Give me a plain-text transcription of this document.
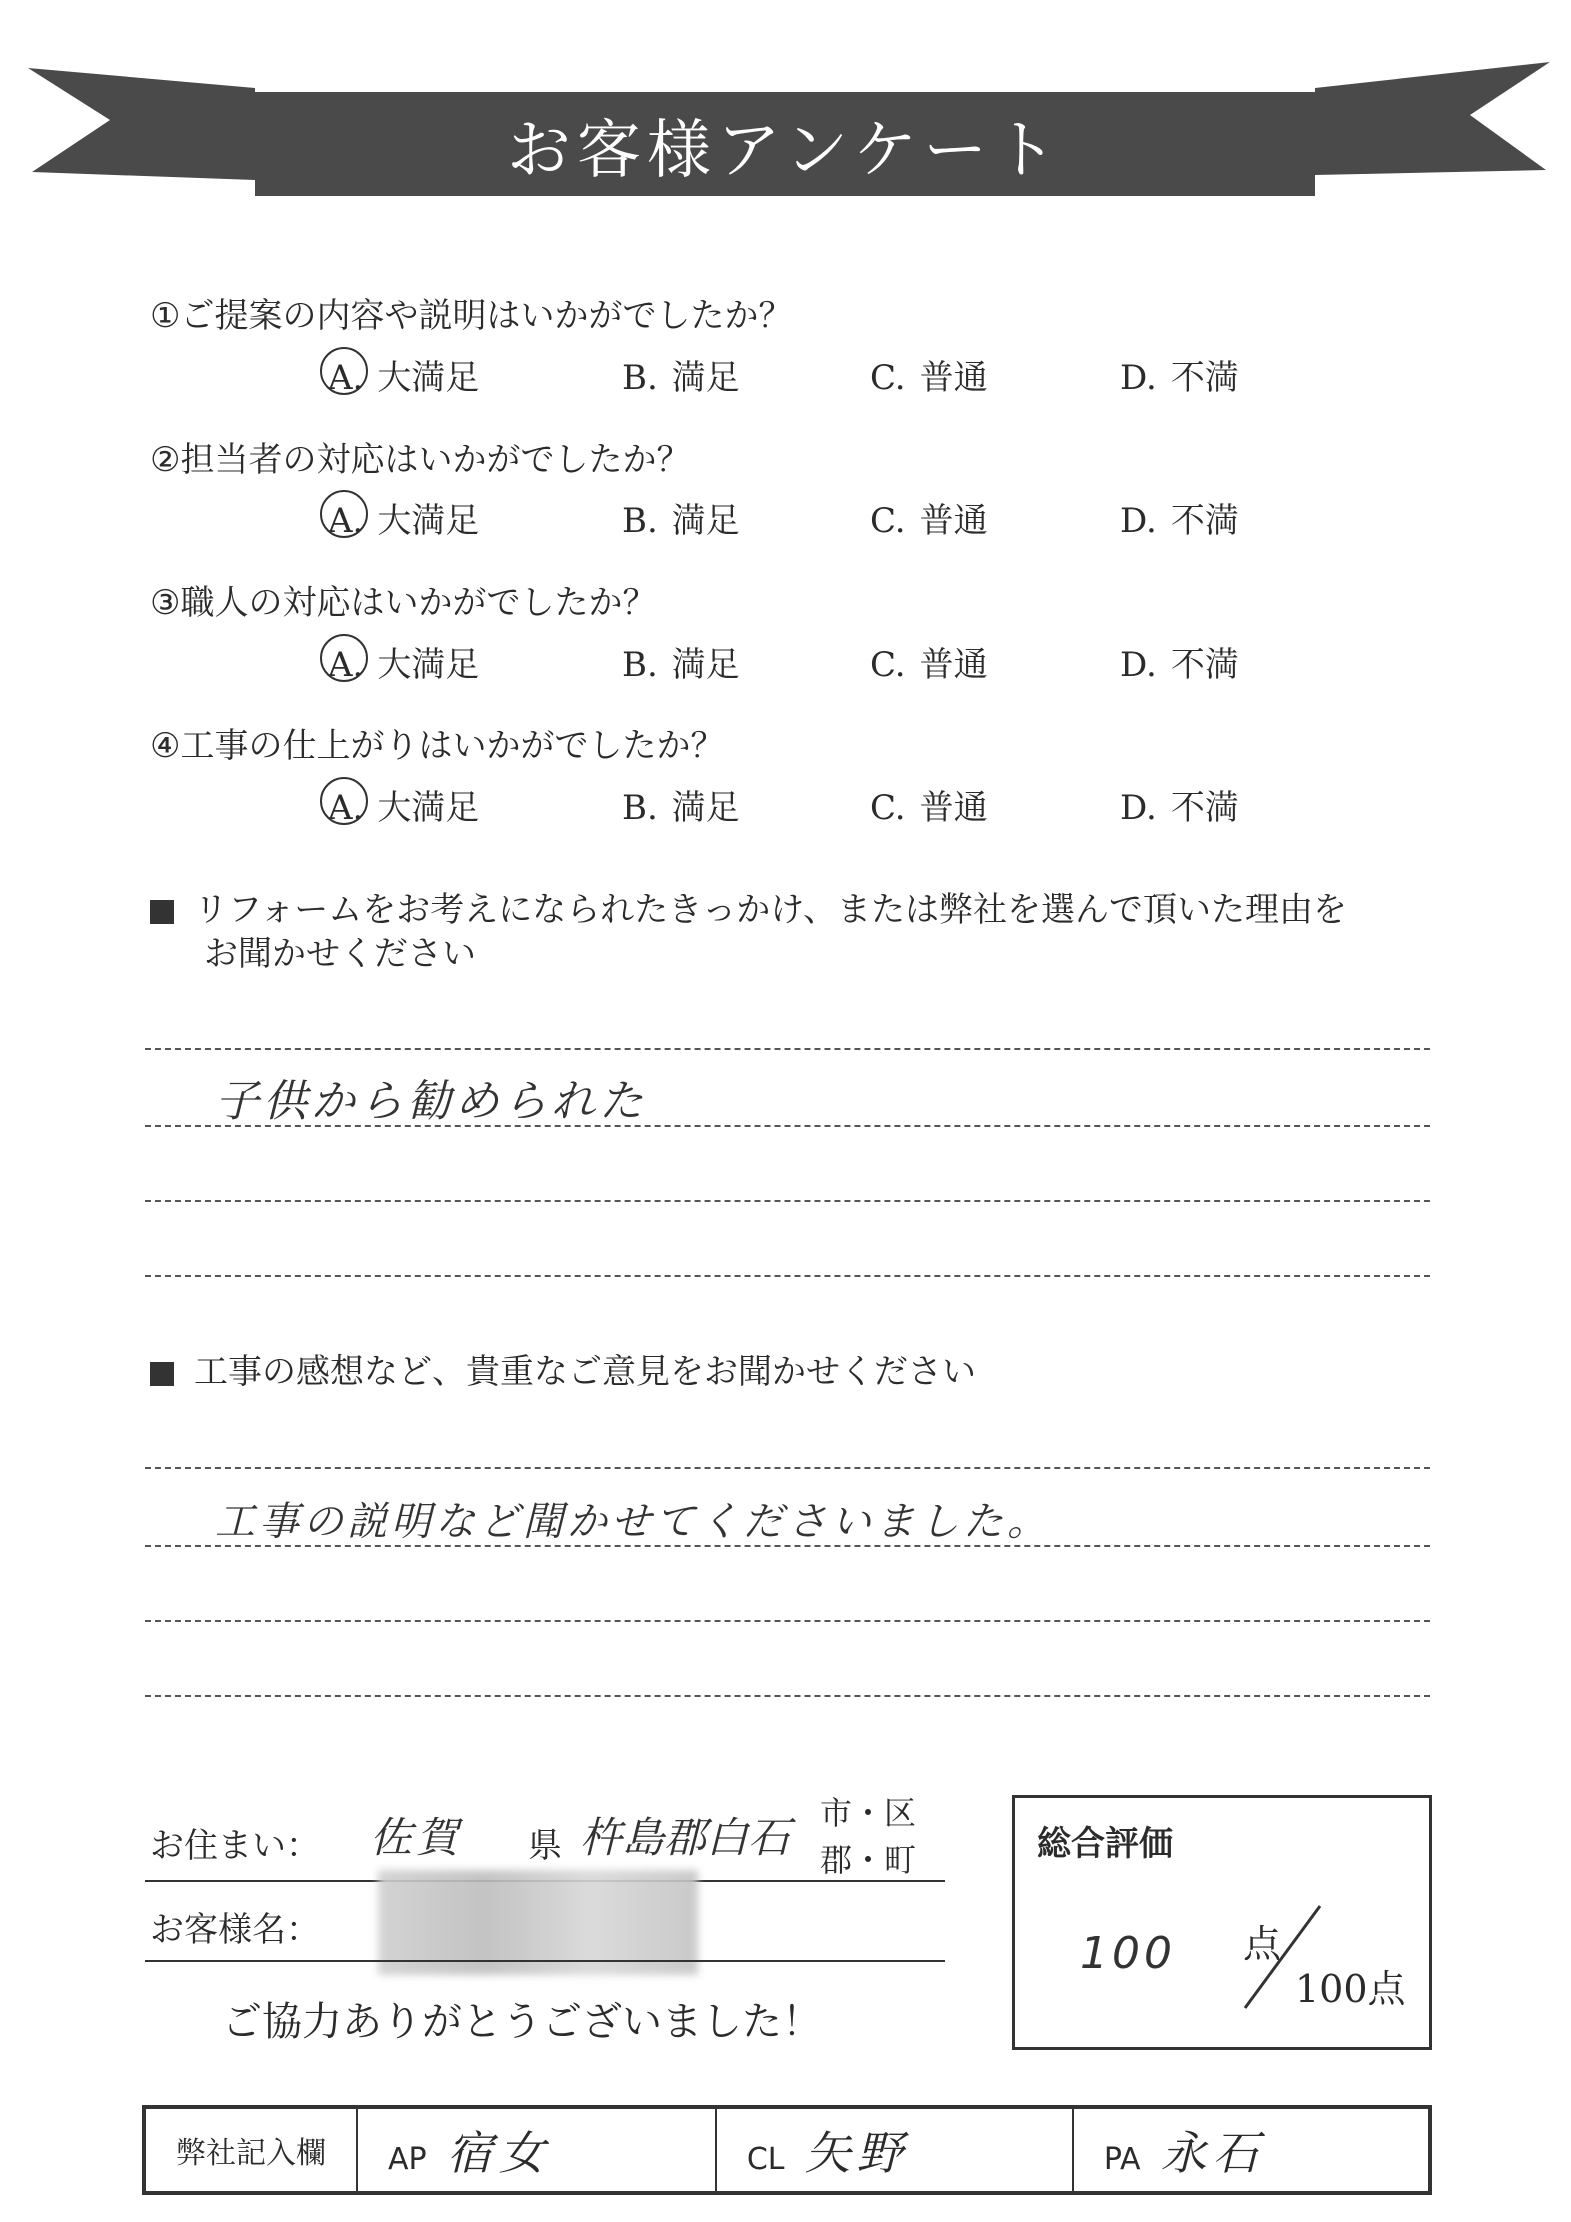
お客様アンケート
①ご提案の内容や説明はいかがでしたか？
A. 大満足	B. 満足	C. 普通	D. 不満
②担当者の対応はいかがでしたか？
A. 大満足	B. 満足	C. 普通	D. 不満
③職人の対応はいかがでしたか？
A. 大満足	B. 満足	C. 普通	D. 不満
④工事の仕上がりはいかがでしたか？
A. 大満足	B. 満足	C. 普通	D. 不満
リフォームをお考えになられたきっかけ、または弊社を選んで頂いた理由を
お聞かせください
子供から勧められた
工事の感想など、貴重なご意見をお聞かせください
工事の説明など聞かせてくださいました。
お住まい： 佐賀 県 杵島郡白石 市・区
郡・町
お客様名：
総合評価
100 点
100点
ご協力ありがとうございました！
弊社記入欄	AP 宿女	CL 矢野	PA 永石
